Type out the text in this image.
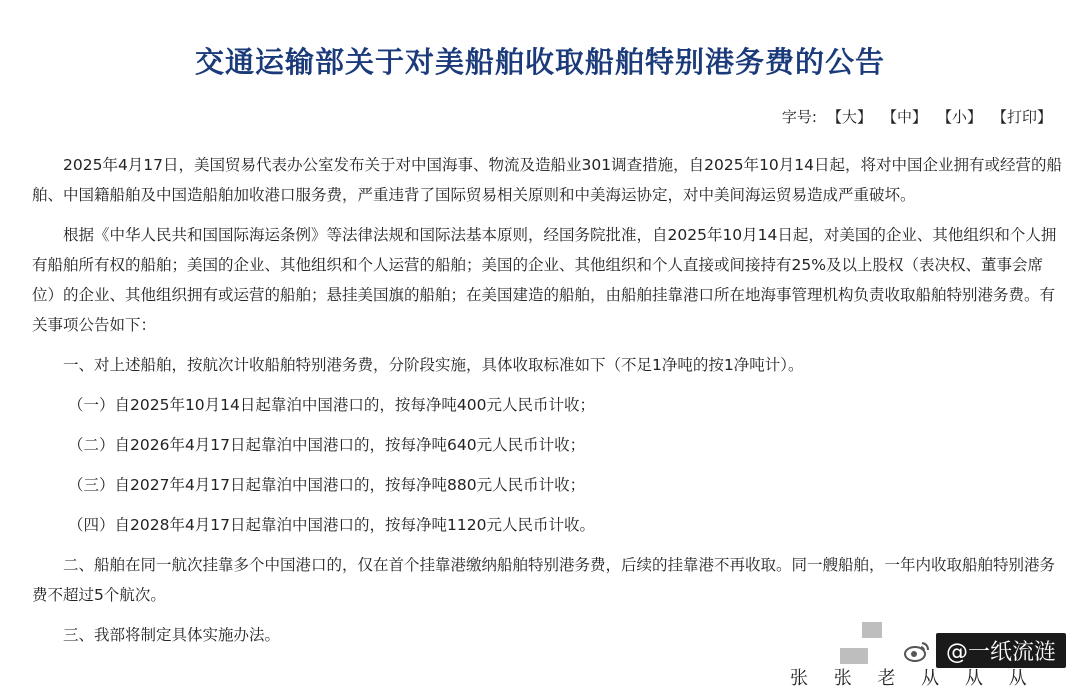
交通运输部关于对美船舶收取船舶特别港务费的公告
字号: 【大】 【中】 【小】 【打印】

2025年4月17日，美国贸易代表办公室发布关于对中国海事、物流及造船业301调查措施，自2025年10月14日起，将对中国企业拥有或经营的船舶、中国籍船舶及中国造船舶加收港口服务费，严重违背了国际贸易相关原则和中美海运协定，对中美间海运贸易造成严重破坏。

根据《中华人民共和国国际海运条例》等法律法规和国际法基本原则，经国务院批准，自2025年10月14日起，对美国的企业、其他组织和个人拥有船舶所有权的船舶；美国的企业、其他组织和个人运营的船舶；美国的企业、其他组织和个人直接或间接持有25%及以上股权（表决权、董事会席位）的企业、其他组织拥有或运营的船舶；悬挂美国旗的船舶；在美国建造的船舶，由船舶挂靠港口所在地海事管理机构负责收取船舶特别港务费。有关事项公告如下：

一、对上述船舶，按航次计收船舶特别港务费，分阶段实施，具体收取标准如下（不足1净吨的按1净吨计）。

（一）自2025年10月14日起靠泊中国港口的，按每净吨400元人民币计收；

（二）自2026年4月17日起靠泊中国港口的，按每净吨640元人民币计收；

（三）自2027年4月17日起靠泊中国港口的，按每净吨880元人民币计收；

（四）自2028年4月17日起靠泊中国港口的，按每净吨1120元人民币计收。

二、船舶在同一航次挂靠多个中国港口的，仅在首个挂靠港缴纳船舶特别港务费，后续的挂靠港不再收取。同一艘船舶，一年内收取船舶特别港务费不超过5个航次。

三、我部将制定具体实施办法。

张 张 老 从 从 从
@一纸流涟
